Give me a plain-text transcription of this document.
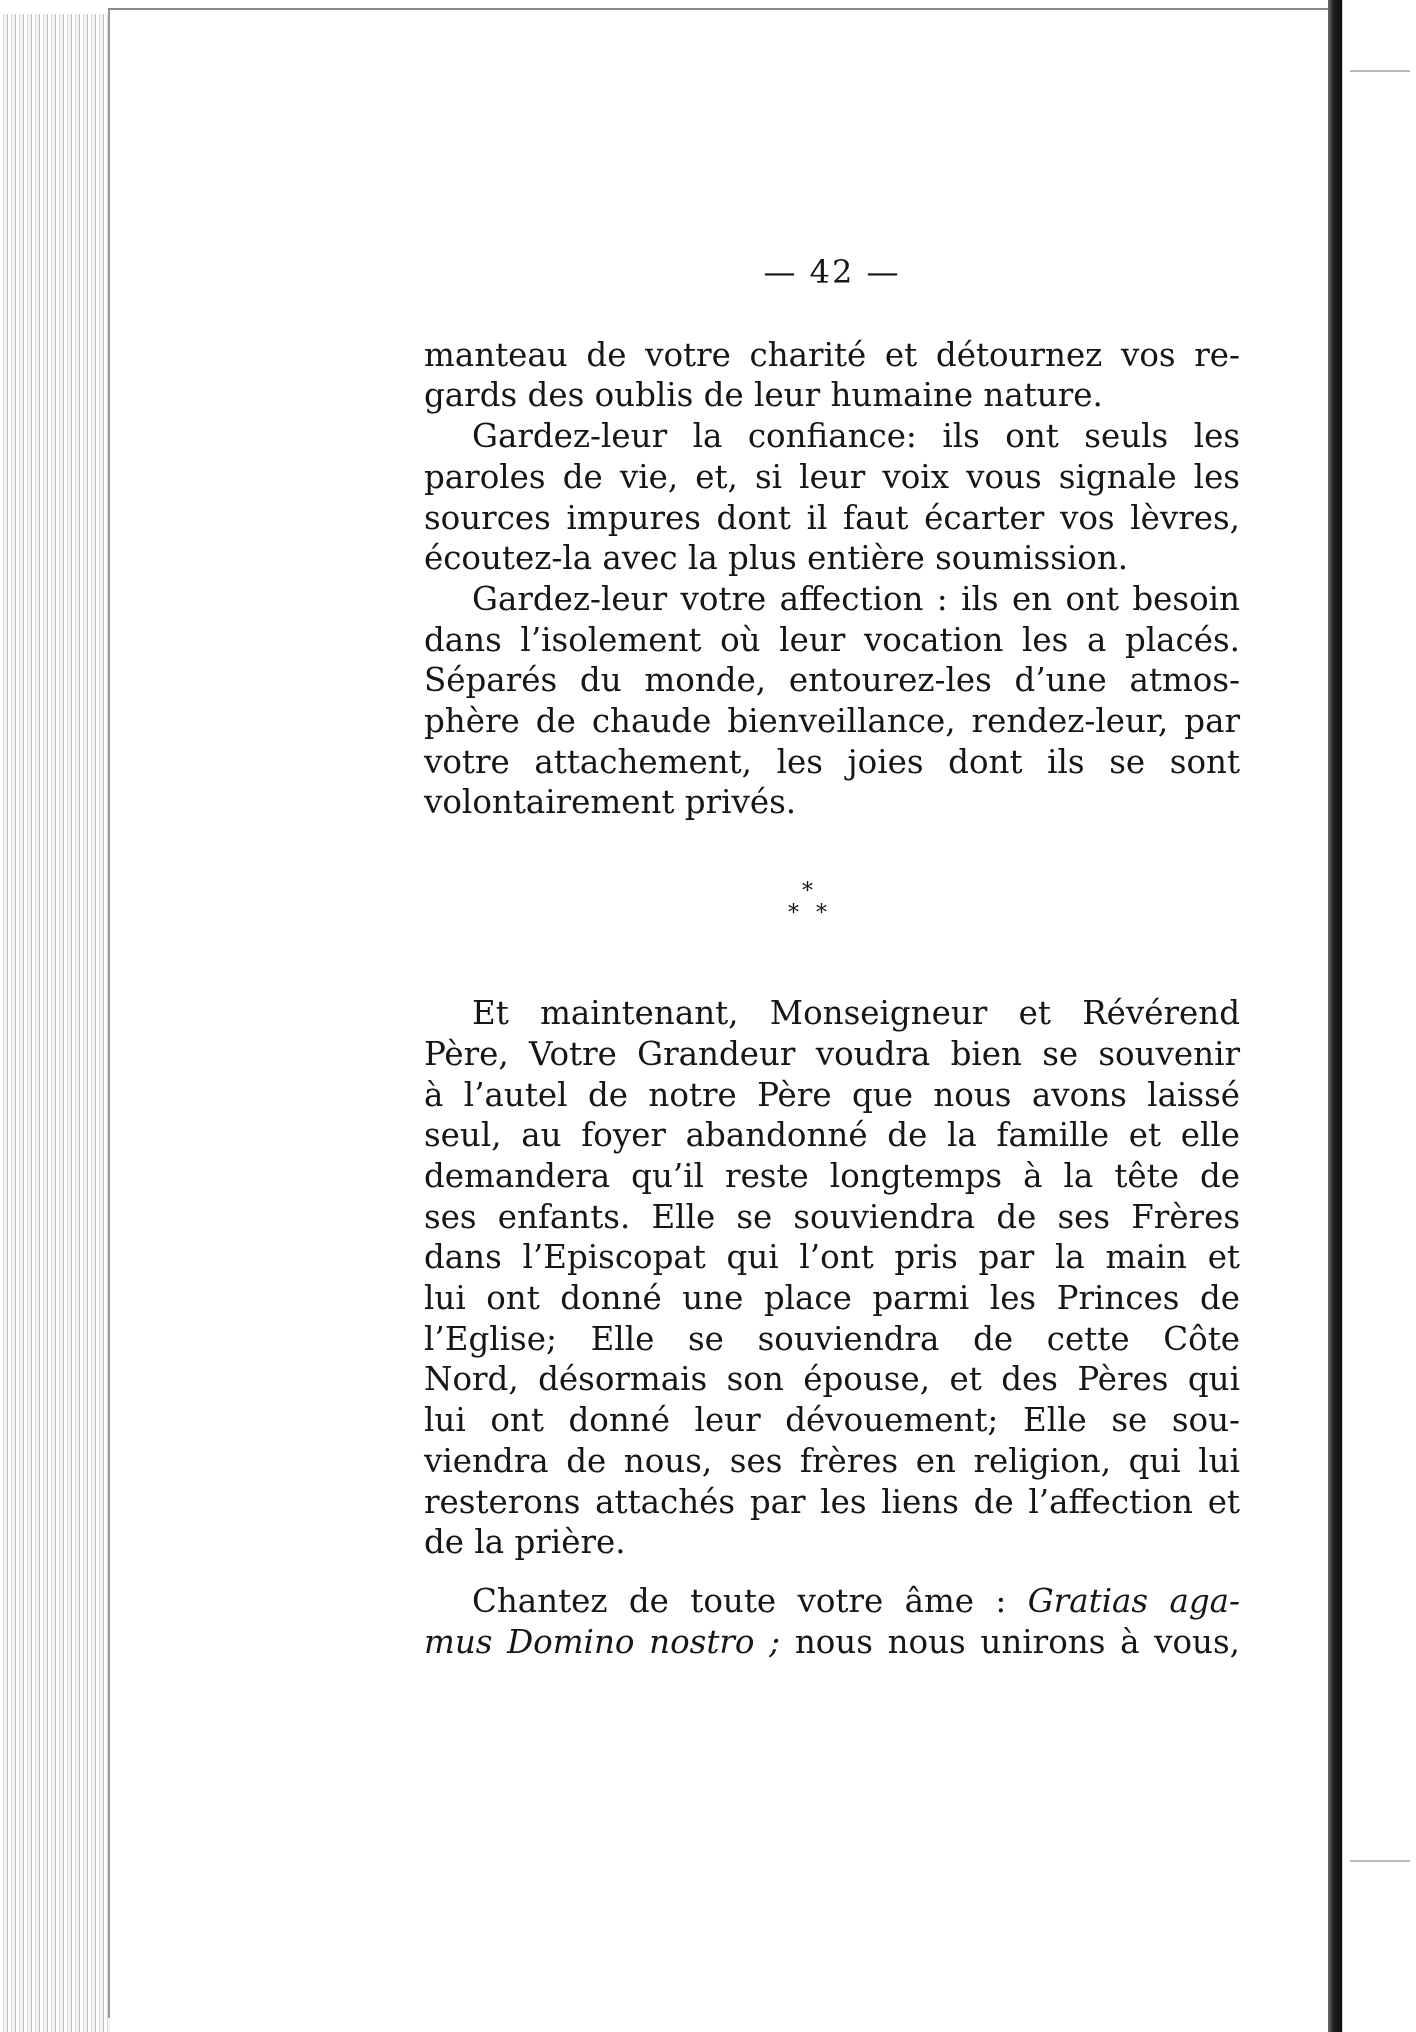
— 42 —
manteau de votre charité et détournez vos re-
gards des oublis de leur humaine nature.
Gardez-leur la confiance: ils ont seuls les
paroles de vie, et, si leur voix vous signale les
sources impures dont il faut écarter vos lèvres,
écoutez-la avec la plus entière soumission.
Gardez-leur votre affection : ils en ont besoin
dans l’isolement où leur vocation les a placés.
Séparés du monde, entourez-les d’une atmos-
phère de chaude bienveillance, rendez-leur, par
votre attachement, les joies dont ils se sont
volontairement privés.
*
* *
Et maintenant, Monseigneur et Révérend
Père, Votre Grandeur voudra bien se souvenir
à l’autel de notre Père que nous avons laissé
seul, au foyer abandonné de la famille et elle
demandera qu’il reste longtemps à la tête de
ses enfants. Elle se souviendra de ses Frères
dans l’Episcopat qui l’ont pris par la main et
lui ont donné une place parmi les Princes de
l’Eglise; Elle se souviendra de cette Côte
Nord, désormais son épouse, et des Pères qui
lui ont donné leur dévouement; Elle se sou-
viendra de nous, ses frères en religion, qui lui
resterons attachés par les liens de l’affection et
de la prière.
Chantez de toute votre âme : Gratias aga-
mus Domino nostro ; nous nous unirons à vous,
